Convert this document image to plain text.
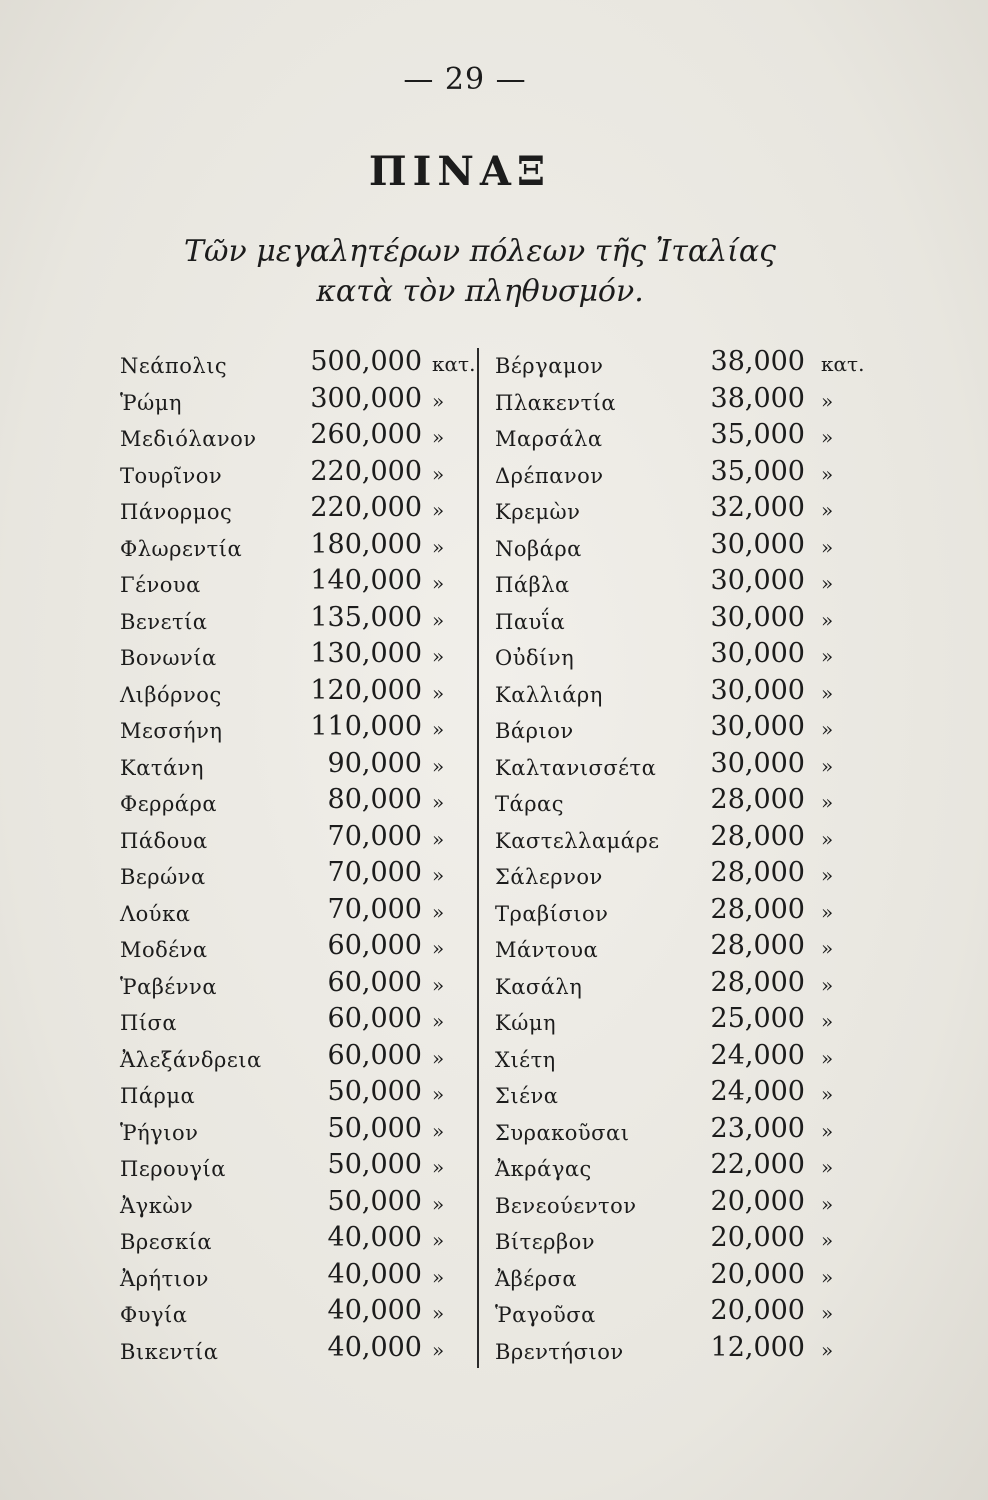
— 29 —
ΠΙΝΑΞ
Τῶν μεγαλητέρων πόλεων τῆς Ἰταλίας κατὰ τὸν πληθυσμόν.
Νεάπολις	500,000 κατ.
Ῥώμη	300,000 »
Μεδιόλανον	260,000 »
Τουρῖνον	220,000 »
Πάνορμος	220,000 »
Φλωρεντία	180,000 »
Γένουα	140,000 »
Βενετία	135,000 »
Βονωνία	130,000 »
Λιβόρνος	120,000 »
Μεσσήνη	110,000 »
Κατάνη	90,000 »
Φερράρα	80,000 »
Πάδουα	70,000 »
Βερώνα	70,000 »
Λούκα	70,000 »
Μοδένα	60,000 »
Ῥαβέννα	60,000 »
Πίσα	60,000 »
Ἀλεξάνδρεια	60,000 »
Πάρμα	50,000 »
Ῥήγιον	50,000 »
Περουγία	50,000 »
Ἀγκὼν	50,000 »
Βρεσκία	40,000 »
Ἀρήτιον	40,000 »
Φυγία	40,000 »
Βικεντία	40,000 »
Βέργαμον	38,000 κατ.
Πλακεντία	38,000 »
Μαρσάλα	35,000 »
Δρέπανον	35,000 »
Κρεμὼν	32,000 »
Νοβάρα	30,000 »
Πάβλα	30,000 »
Παυΐα	30,000 »
Οὐδίνη	30,000 »
Καλλιάρη	30,000 »
Βάριον	30,000 »
Καλτανισσέτα	30,000 »
Τάρας	28,000 »
Καστελλαμάρε	28,000 »
Σάλερνον	28,000 »
Τραβίσιον	28,000 »
Μάντουα	28,000 »
Κασάλη	28,000 »
Κώμη	25,000 »
Χιέτη	24,000 »
Σιένα	24,000 »
Συρακοῦσαι	23,000 »
Ἀκράγας	22,000 »
Βενεούεντον	20,000 »
Βίτερβον	20,000 »
Ἀβέρσα	20,000 »
Ῥαγοῦσα	20,000 »
Βρεντήσιον	12,000 »
